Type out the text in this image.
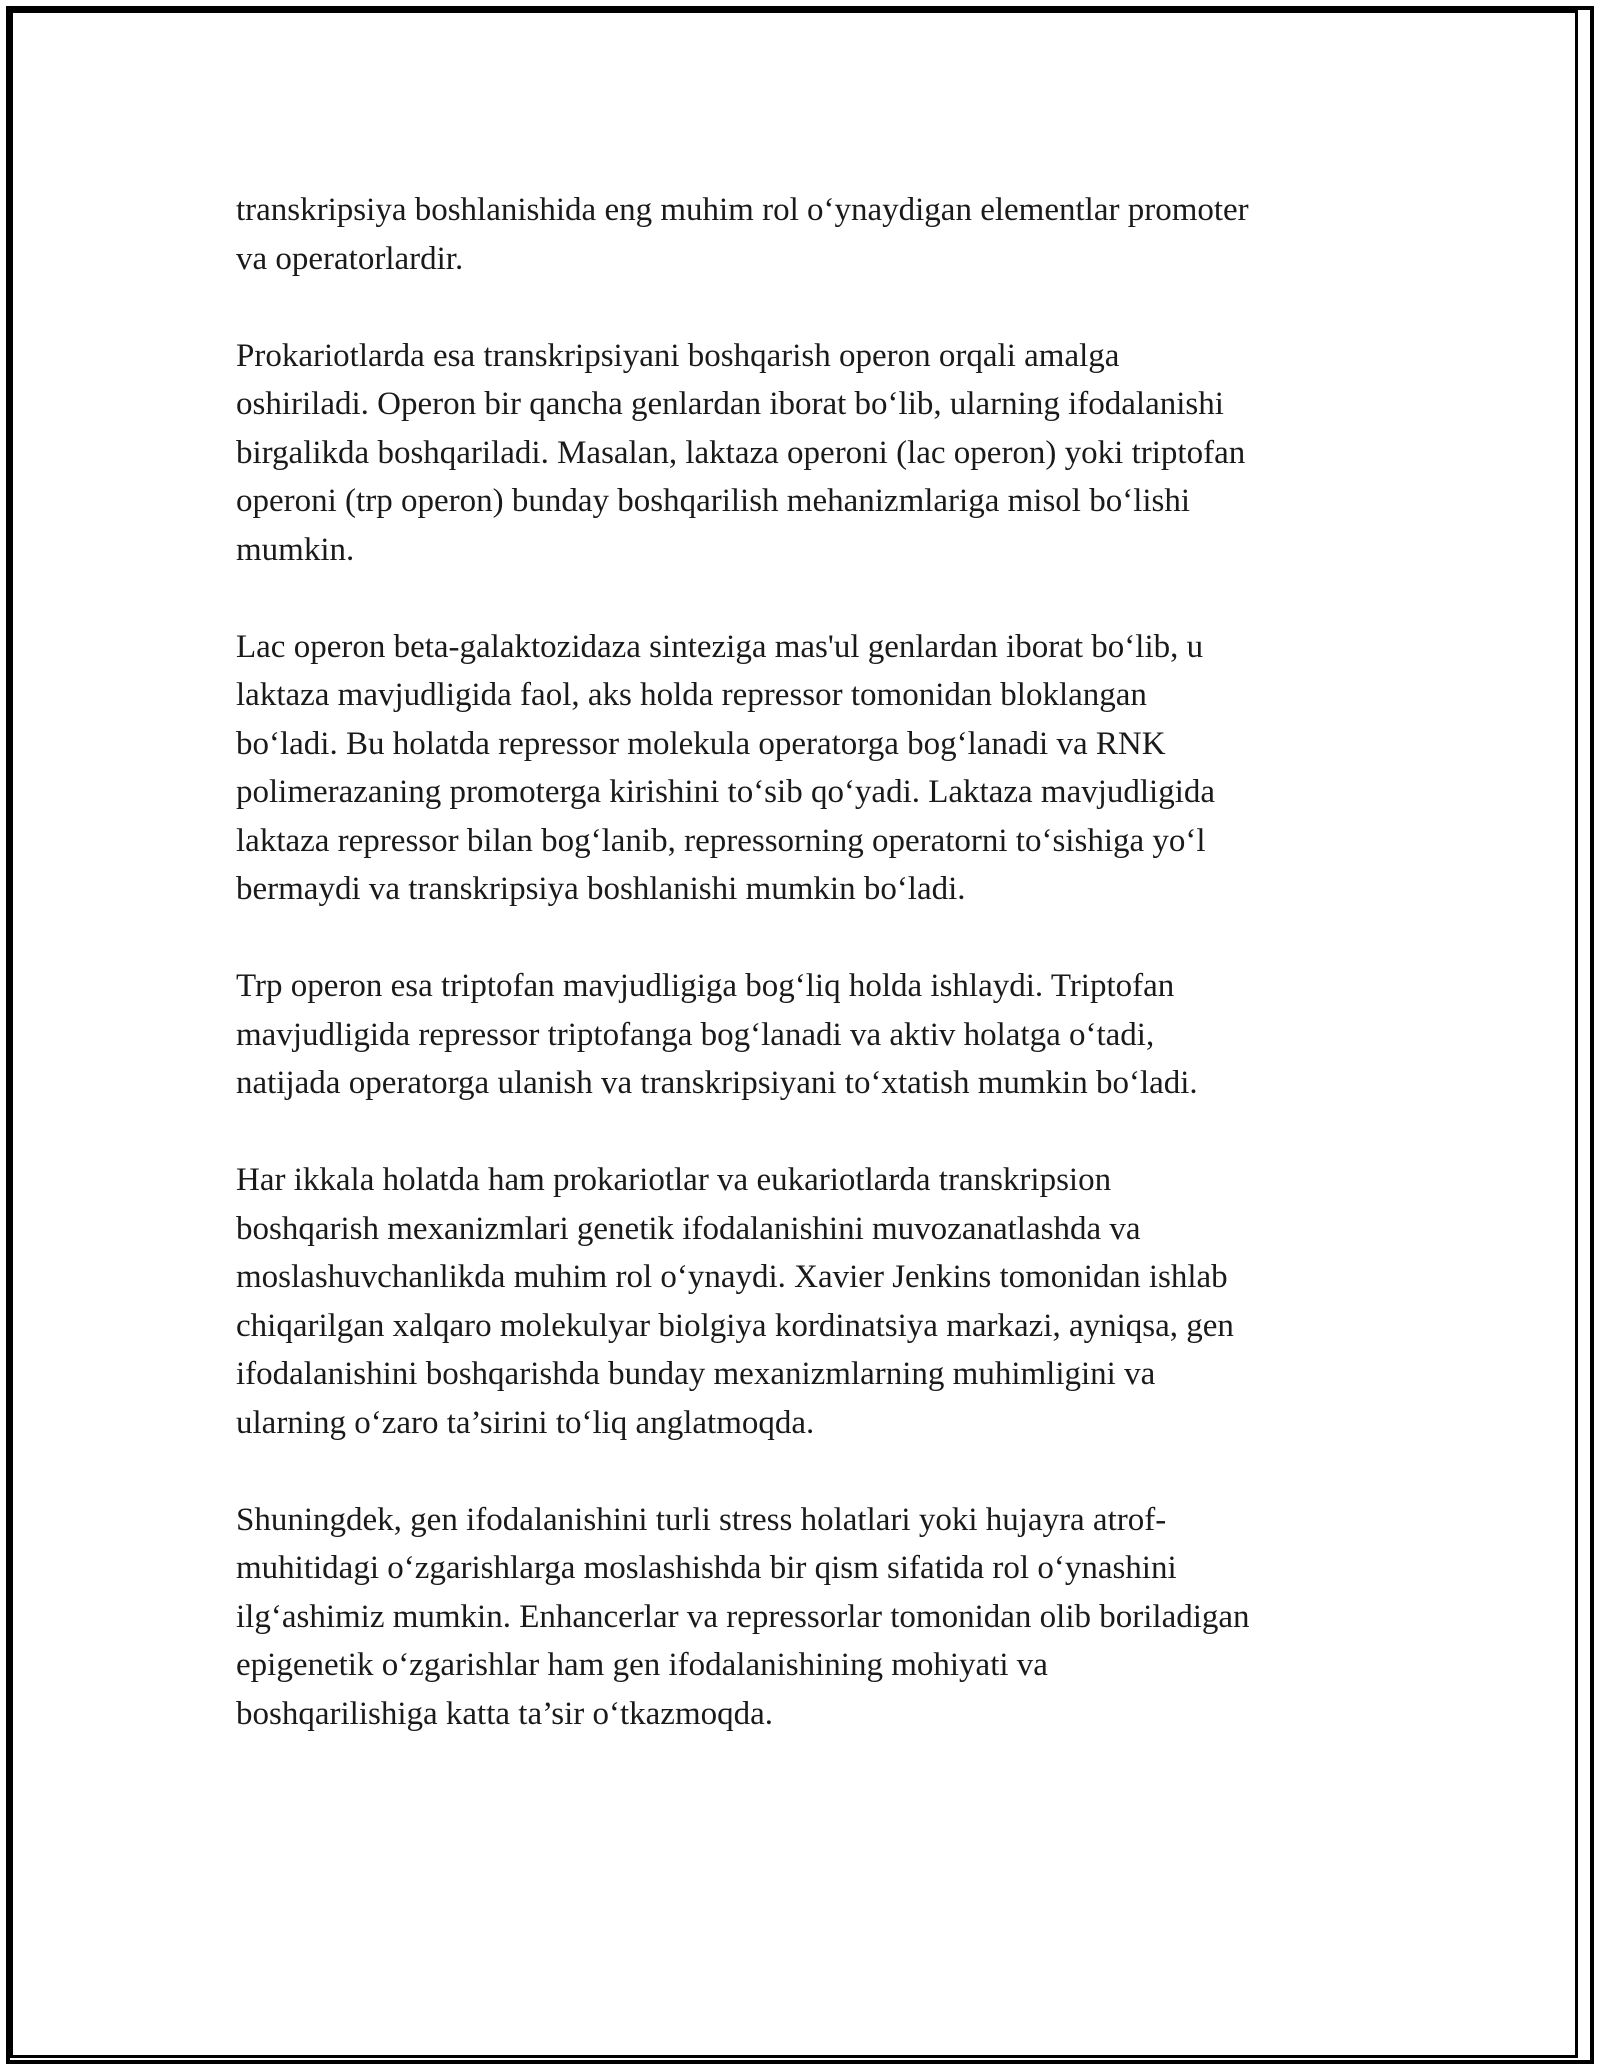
transkripsiya boshlanishida eng muhim rol o‘ynaydigan elementlar promoter
va operatorlardir.

Prokariotlarda esa transkripsiyani boshqarish operon orqali amalga
oshiriladi. Operon bir qancha genlardan iborat bo‘lib, ularning ifodalanishi
birgalikda boshqariladi. Masalan, laktaza operoni (lac operon) yoki triptofan
operoni (trp operon) bunday boshqarilish mehanizmlariga misol bo‘lishi
mumkin.

Lac operon beta-galaktozidaza sinteziga mas'ul genlardan iborat bo‘lib, u
laktaza mavjudligida faol, aks holda repressor tomonidan bloklangan
bo‘ladi. Bu holatda repressor molekula operatorga bog‘lanadi va RNK
polimerazaning promoterga kirishini to‘sib qo‘yadi. Laktaza mavjudligida
laktaza repressor bilan bog‘lanib, repressorning operatorni to‘sishiga yo‘l
bermaydi va transkripsiya boshlanishi mumkin bo‘ladi.

Trp operon esa triptofan mavjudligiga bog‘liq holda ishlaydi. Triptofan
mavjudligida repressor triptofanga bog‘lanadi va aktiv holatga o‘tadi,
natijada operatorga ulanish va transkripsiyani to‘xtatish mumkin bo‘ladi.

Har ikkala holatda ham prokariotlar va eukariotlarda transkripsion
boshqarish mexanizmlari genetik ifodalanishini muvozanatlashda va
moslashuvchanlikda muhim rol o‘ynaydi. Xavier Jenkins tomonidan ishlab
chiqarilgan xalqaro molekulyar biolgiya kordinatsiya markazi, ayniqsa, gen
ifodalanishini boshqarishda bunday mexanizmlarning muhimligini va
ularning o‘zaro ta’sirini to‘liq anglatmoqda.

Shuningdek, gen ifodalanishini turli stress holatlari yoki hujayra atrof-
muhitidagi o‘zgarishlarga moslashishda bir qism sifatida rol o‘ynashini
ilg‘ashimiz mumkin. Enhancerlar va repressorlar tomonidan olib boriladigan
epigenetik o‘zgarishlar ham gen ifodalanishining mohiyati va
boshqarilishiga katta ta’sir o‘tkazmoqda.
